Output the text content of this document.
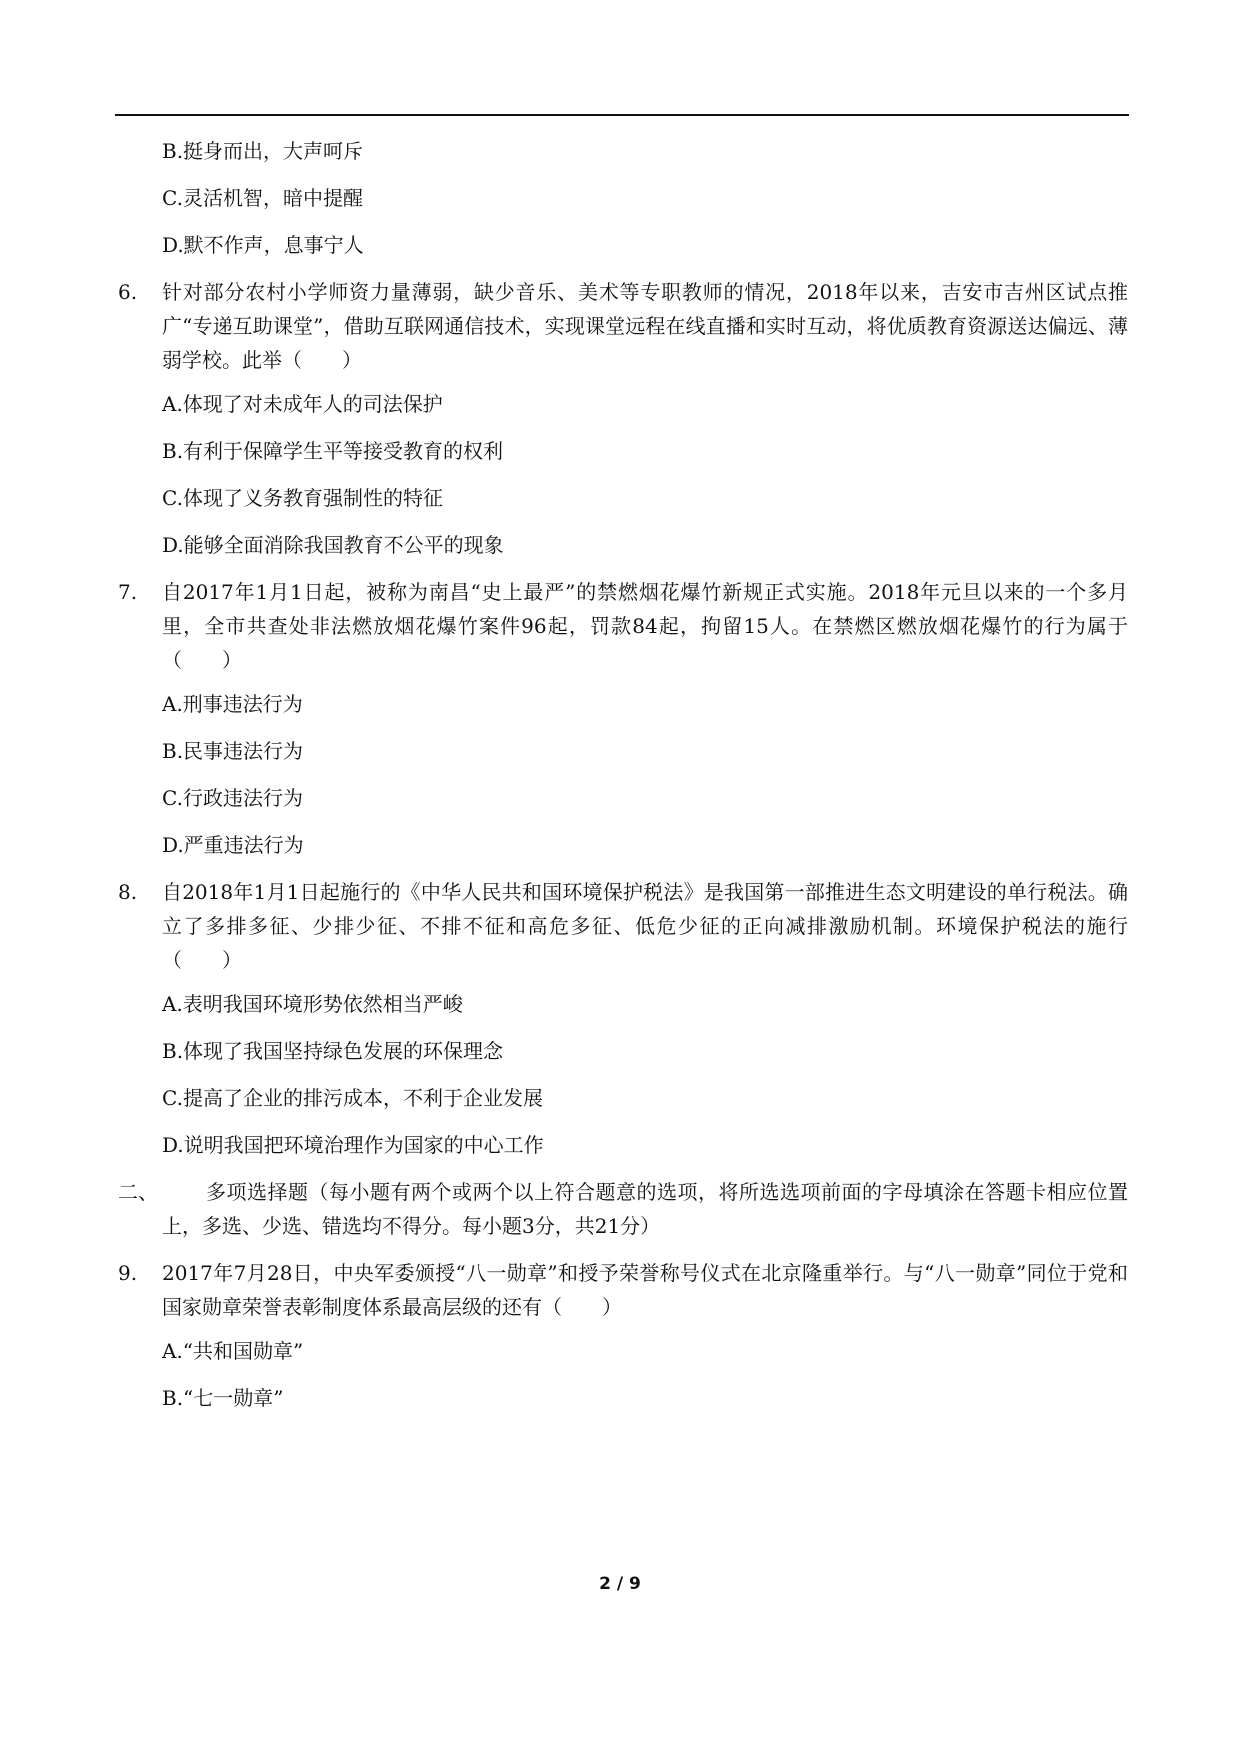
B.挺身而出，大声呵斥
C.灵活机智，暗中提醒
D.默不作声，息事宁人
6.	针对部分农村小学师资力量薄弱，缺少音乐、美术等专职教师的情况，2018年以来，吉安市吉州区试点推广“专递互助课堂”，借助互联网通信技术，实现课堂远程在线直播和实时互动，将优质教育资源送达偏远、薄弱学校。此举（　　）
A.体现了对未成年人的司法保护
B.有利于保障学生平等接受教育的权利
C.体现了义务教育强制性的特征
D.能够全面消除我国教育不公平的现象
7.	自2017年1月1日起，被称为南昌“史上最严”的禁燃烟花爆竹新规正式实施。2018年元旦以来的一个多月里，全市共查处非法燃放烟花爆竹案件96起，罚款84起，拘留15人。在禁燃区燃放烟花爆竹的行为属于（　　）
A.刑事违法行为
B.民事违法行为
C.行政违法行为
D.严重违法行为
8.	自2018年1月1日起施行的《中华人民共和国环境保护税法》是我国第一部推进生态文明建设的单行税法。确立了多排多征、少排少征、不排不征和高危多征、低危少征的正向减排激励机制。环境保护税法的施行（　　）
A.表明我国环境形势依然相当严峻
B.体现了我国坚持绿色发展的环保理念
C.提高了企业的排污成本，不利于企业发展
D.说明我国把环境治理作为国家的中心工作
二、	多项选择题（每小题有两个或两个以上符合题意的选项，将所选选项前面的字母填涂在答题卡相应位置上，多选、少选、错选均不得分。每小题3分，共21分）
9.	2017年7月28日，中央军委颁授“八一勋章”和授予荣誉称号仪式在北京隆重举行。与“八一勋章”同位于党和国家勋章荣誉表彰制度体系最高层级的还有（　　）
A.“共和国勋章”
B.“七一勋章”
2 / 9
